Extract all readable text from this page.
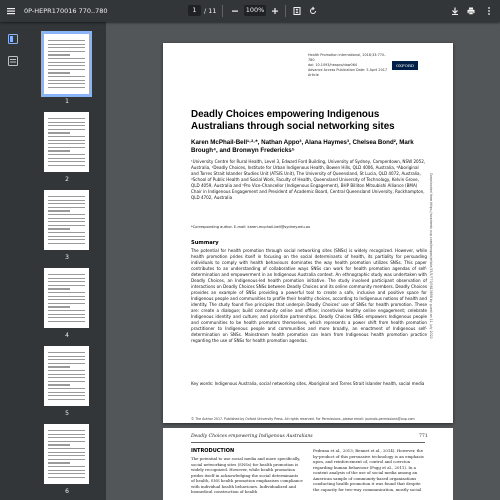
0P-HEPR170016 770..780	1	/ 11	100%
1
2
3
4
5
6
Health Promotion International, 2018;33:770–780
doi: 10.1093/heapro/daw064
Advance Access Publication Date: 5 April 2017
Article
OXFORD
Deadly Choices empowering Indigenous Australians through social networking sites
Karen McPhail-Bell¹·²·*, Nathan Appo³, Alana Haymes³, Chelsea Bond², Mark Brough⁴, and Bronwyn Fredericks⁵
¹University Centre for Rural Health, Level 3, Edward Ford Building, University of Sydney, Camperdown, NSW 2052, Australia, ²Deadly Choices, Institute for Urban Indigenous Health, Bowen Hills, QLD 4006, Australia, ³Aboriginal and Torres Strait Islander Studies Unit (ATSIS Unit), The University of Queensland, St Lucia, QLD 4072, Australia, ⁴School of Public Health and Social Work, Faculty of Health, Queensland University of Technology, Kelvin Grove, QLD 4059, Australia and ⁵Pro Vice-Chancellor (Indigenous Engagement), BHP Billiton Mitsubishi Alliance (BMA) Chair in Indigenous Engagement and President of Academic Board, Central Queensland University, Rockhampton, QLD 4702, Australia
*Corresponding author. E-mail: karen.mcphail-bell@sydney.edu.au
Summary
The potential for health promotion through social networking sites (SNSs) is widely recognized. However, while health promotion prides itself in focusing on the social determinants of health, its partiality for persuading individuals to comply with health behaviours dominates the way health promotion utilizes SNSs. This paper contributes to an understanding of collaborative ways SNSs can work for health promotion agendas of self-determination and empowerment in an Indigenous Australia context. An ethnographic study was undertaken with Deadly Choices, an Indigenous-led health promotion initiative. The study involved participant observation of interactions on Deadly Choices SNSs between Deadly Choices and its online community members. Deadly Choices provides an example of SNSs providing a powerful tool to create a safe, inclusive and positive space for Indigenous people and communities to profile their healthy choices, according to Indigenous notions of health and identity. The study found five principles that underpin Deadly Choices' use of SNSs for health promotion. These are: create a dialogue; build community online and offline; incentivise healthy online engagement; celebrate Indigenous identity and culture; and prioritize partnerships. Deadly Choices SNSs empowers Indigenous people and communities to be health promoters themselves, which represents a power shift from health promotion practitioner to Indigenous people and communities and more broadly, an enactment of Indigenous self-determination on SNSs. Mainstream health promotion can learn from Indigenous health promotion practice regarding the use of SNSs for health promotion agendas.
Key words: Indigenous Australia, social networking sites, Aboriginal and Torres Strait Islander health, social media
© The Author 2017. Published by Oxford University Press. All rights reserved. For Permissions, please email: journals.permissions@oup.com
Downloaded from https://academic.oup.com/heapro/article/33/5/770/3813898 by guest on 11 July 2022
Deadly Choices empowering Indigenous Australians	771
INTRODUCTION
The potential to use social media and more specifically, social networking sites (SNSs) for health promotion is widely recognized. However, while health promotion prides itself in acknowledging the social determinants of health, SNS health promotion emphasises compliance with individual health behaviours. Individualized and biomedical construction of health
Pedrana et al., 2013; Bennet et al., 2014). However, the by-product of this persuasive technology is an emphasis upon, and reinforcement of, control and coercion regarding human behaviour (Fogg et al., 2011). In a content analysis of the use of social media among an American sample of community-based organizations conducting health promotion it was found that despite the capacity for two-way communication, mostly social
